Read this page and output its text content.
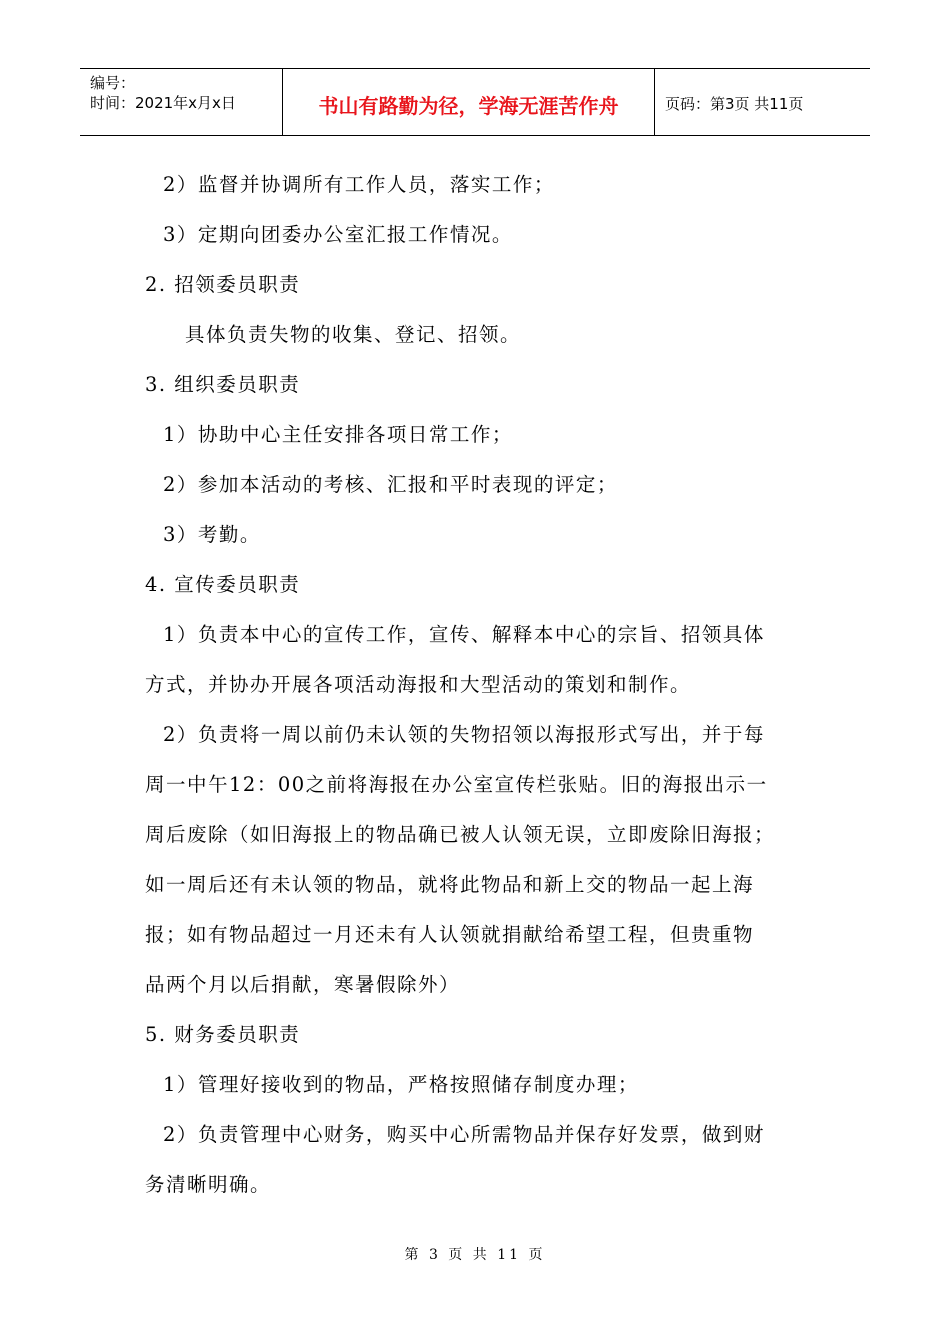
编号：
时间：2021年x月x日	书山有路勤为径，学海无涯苦作舟	页码：第3页 共11页

2）监督并协调所有工作人员，落实工作；

3）定期向团委办公室汇报工作情况。

2. 招领委员职责

具体负责失物的收集、登记、招领。

3. 组织委员职责

1）协助中心主任安排各项日常工作；

2）参加本活动的考核、汇报和平时表现的评定；

3）考勤。

4. 宣传委员职责

1）负责本中心的宣传工作，宣传、解释本中心的宗旨、招领具体

方式，并协办开展各项活动海报和大型活动的策划和制作。

2）负责将一周以前仍未认领的失物招领以海报形式写出，并于每

周一中午12：00之前将海报在办公室宣传栏张贴。旧的海报出示一

周后废除（如旧海报上的物品确已被人认领无误，立即废除旧海报；

如一周后还有未认领的物品，就将此物品和新上交的物品一起上海

报；如有物品超过一月还未有人认领就捐献给希望工程，但贵重物

品两个月以后捐献，寒暑假除外）

5. 财务委员职责

1）管理好接收到的物品，严格按照储存制度办理；

2）负责管理中心财务，购买中心所需物品并保存好发票，做到财

务清晰明确。

第 3 页 共 11 页
